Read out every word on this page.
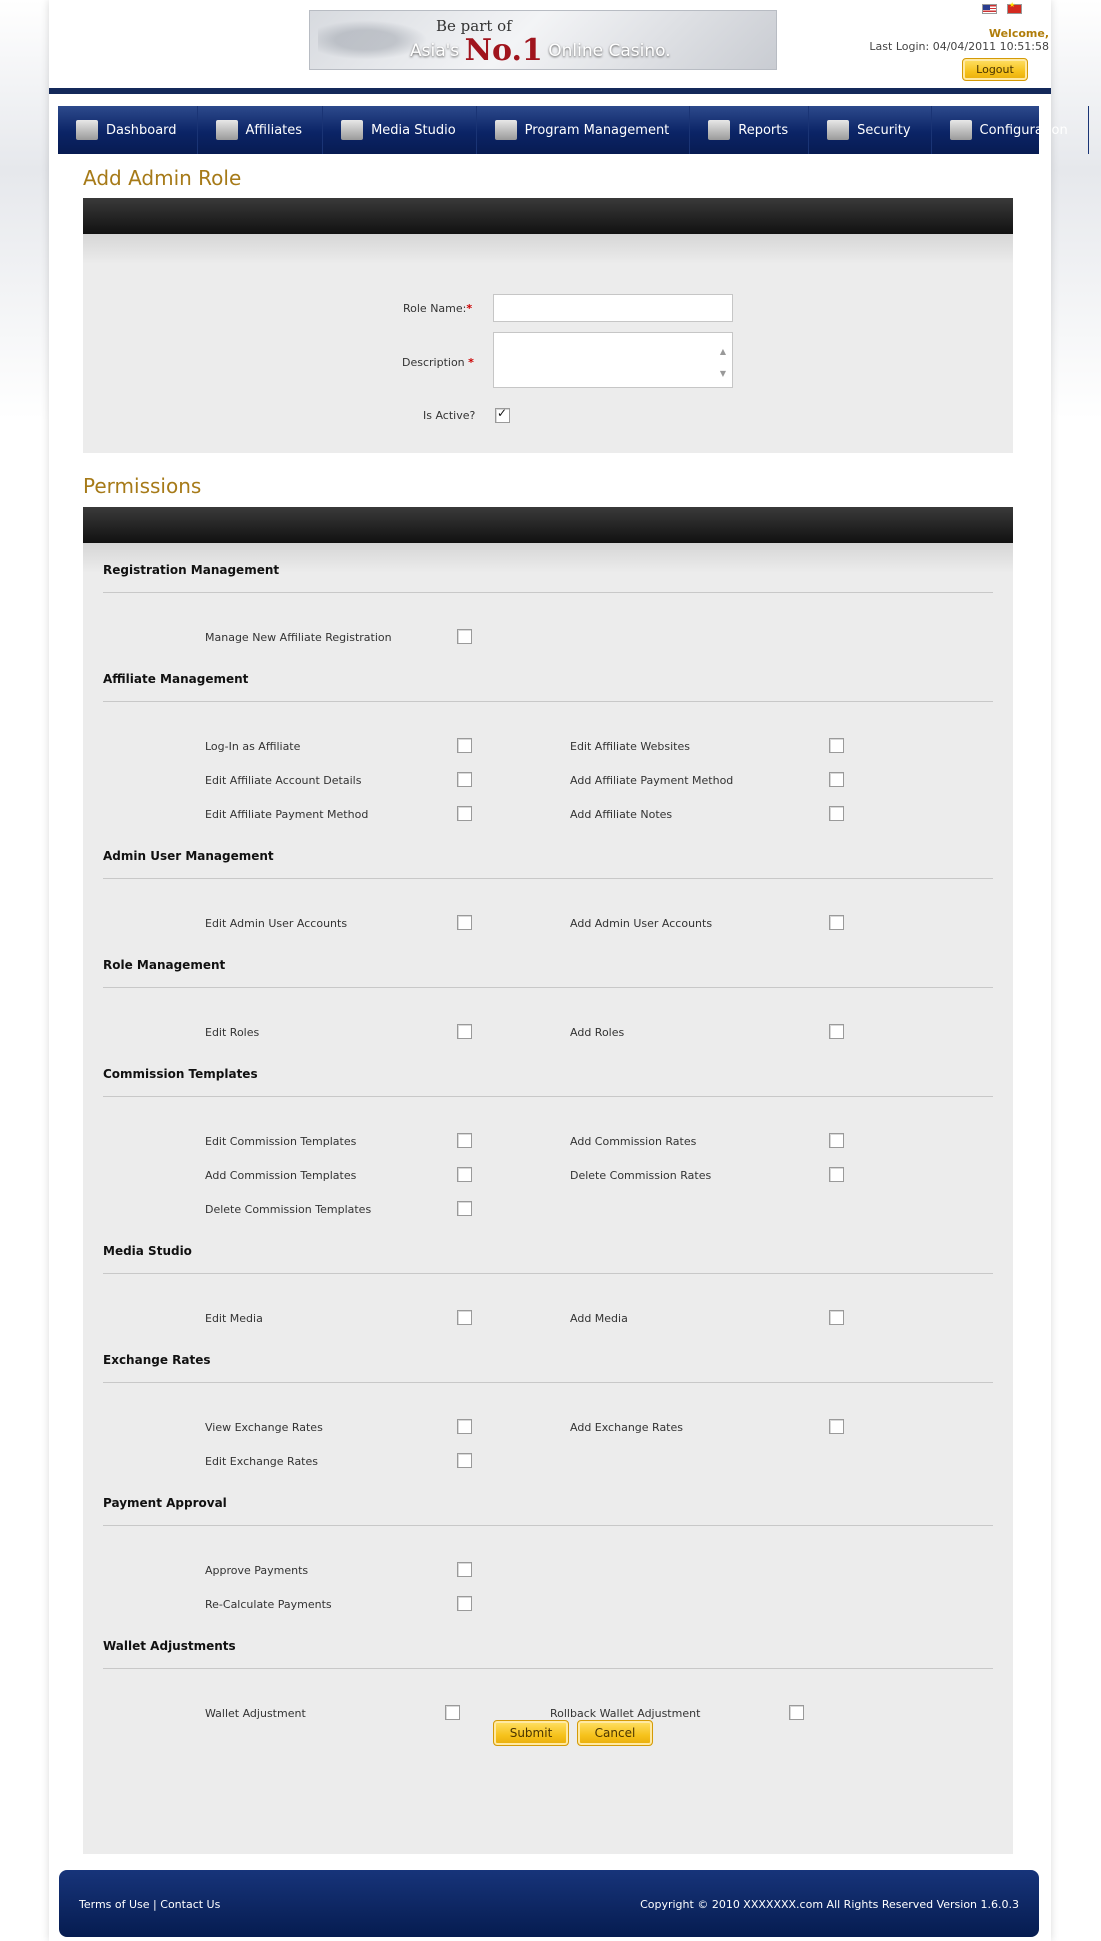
Be part of
Asia's No.1 Online Casino.
★
Welcome,
Last Login: 04/04/2011 10:51:58
Logout
Dashboard	Affiliates	Media Studio	Program Management	Reports	Security	Configuration
Add Admin Role
Role Name:*
Description *
▲
▼
Is Active?
✓
Permissions
Registration Management
Manage New Affiliate Registration
Affiliate Management
Log-In as Affiliate	Edit Affiliate Websites
Edit Affiliate Account Details	Add Affiliate Payment Method
Edit Affiliate Payment Method	Add Affiliate Notes
Admin User Management
Edit Admin User Accounts	Add Admin User Accounts
Role Management
Edit Roles	Add Roles
Commission Templates
Edit Commission Templates	Add Commission Rates
Add Commission Templates	Delete Commission Rates
Delete Commission Templates
Media Studio
Edit Media	Add Media
Exchange Rates
View Exchange Rates	Add Exchange Rates
Edit Exchange Rates
Payment Approval
Approve Payments
Re-Calculate Payments
Wallet Adjustments
Wallet Adjustment	Rollback Wallet Adjustment
Submit	Cancel
Terms of Use | Contact Us	Copyright © 2010 XXXXXXX.com All Rights Reserved Version 1.6.0.3
